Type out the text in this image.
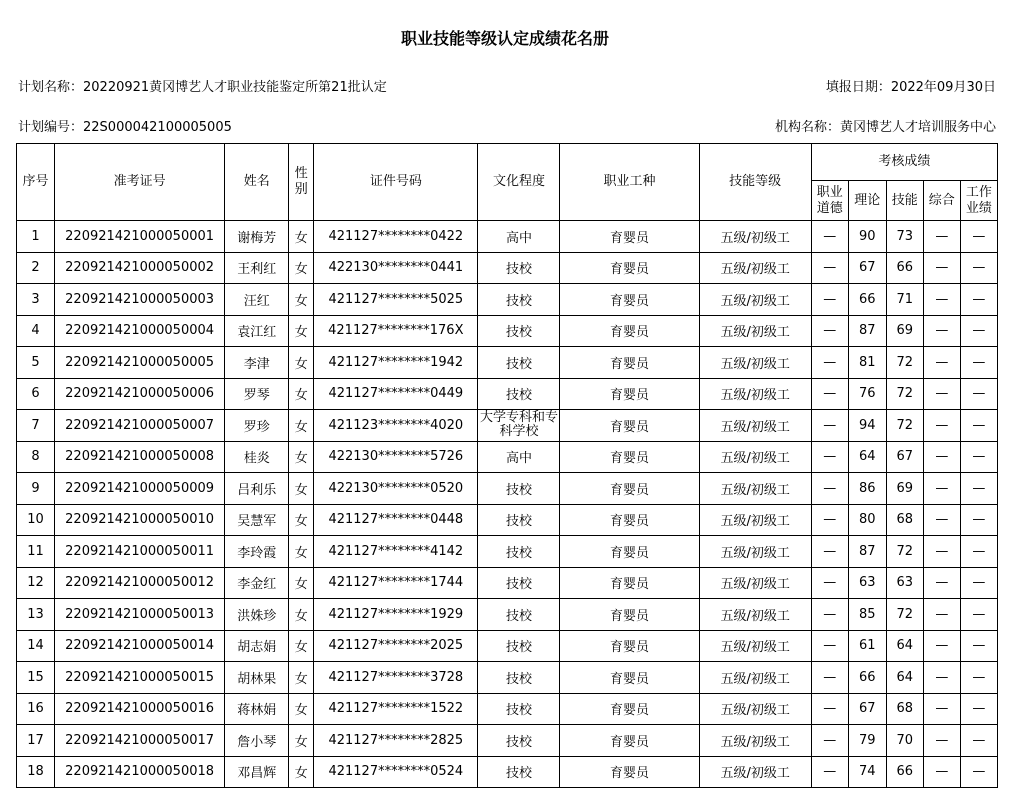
职业技能等级认定成绩花名册
计划名称：20220921黄冈博艺人才职业技能鉴定所第21批认定	填报日期：2022年09月30日
计划编号：22S000042100005005	机构名称：黄冈博艺人才培训服务中心
序号	准考证号	姓名	性别	证件号码	文化程度	职业工种	技能等级	考核成绩				
								职业道德	理论	技能	综合	工作业绩
1	220921421000050001	谢梅芳	女	421127********0422	高中	育婴员	五级/初级工	—	90	73	—	—
2	220921421000050002	王利红	女	422130********0441	技校	育婴员	五级/初级工	—	67	66	—	—
3	220921421000050003	汪红	女	421127********5025	技校	育婴员	五级/初级工	—	66	71	—	—
4	220921421000050004	袁江红	女	421127********176X	技校	育婴员	五级/初级工	—	87	69	—	—
5	220921421000050005	李津	女	421127********1942	技校	育婴员	五级/初级工	—	81	72	—	—
6	220921421000050006	罗琴	女	421127********0449	技校	育婴员	五级/初级工	—	76	72	—	—
7	220921421000050007	罗珍	女	421123********4020	大学专科和专科学校	育婴员	五级/初级工	—	94	72	—	—
8	220921421000050008	桂炎	女	422130********5726	高中	育婴员	五级/初级工	—	64	67	—	—
9	220921421000050009	吕利乐	女	422130********0520	技校	育婴员	五级/初级工	—	86	69	—	—
10	220921421000050010	吴慧军	女	421127********0448	技校	育婴员	五级/初级工	—	80	68	—	—
11	220921421000050011	李玲霞	女	421127********4142	技校	育婴员	五级/初级工	—	87	72	—	—
12	220921421000050012	李金红	女	421127********1744	技校	育婴员	五级/初级工	—	63	63	—	—
13	220921421000050013	洪姝珍	女	421127********1929	技校	育婴员	五级/初级工	—	85	72	—	—
14	220921421000050014	胡志娟	女	421127********2025	技校	育婴员	五级/初级工	—	61	64	—	—
15	220921421000050015	胡林果	女	421127********3728	技校	育婴员	五级/初级工	—	66	64	—	—
16	220921421000050016	蒋林娟	女	421127********1522	技校	育婴员	五级/初级工	—	67	68	—	—
17	220921421000050017	詹小琴	女	421127********2825	技校	育婴员	五级/初级工	—	79	70	—	—
18	220921421000050018	邓昌辉	女	421127********0524	技校	育婴员	五级/初级工	—	74	66	—	—
